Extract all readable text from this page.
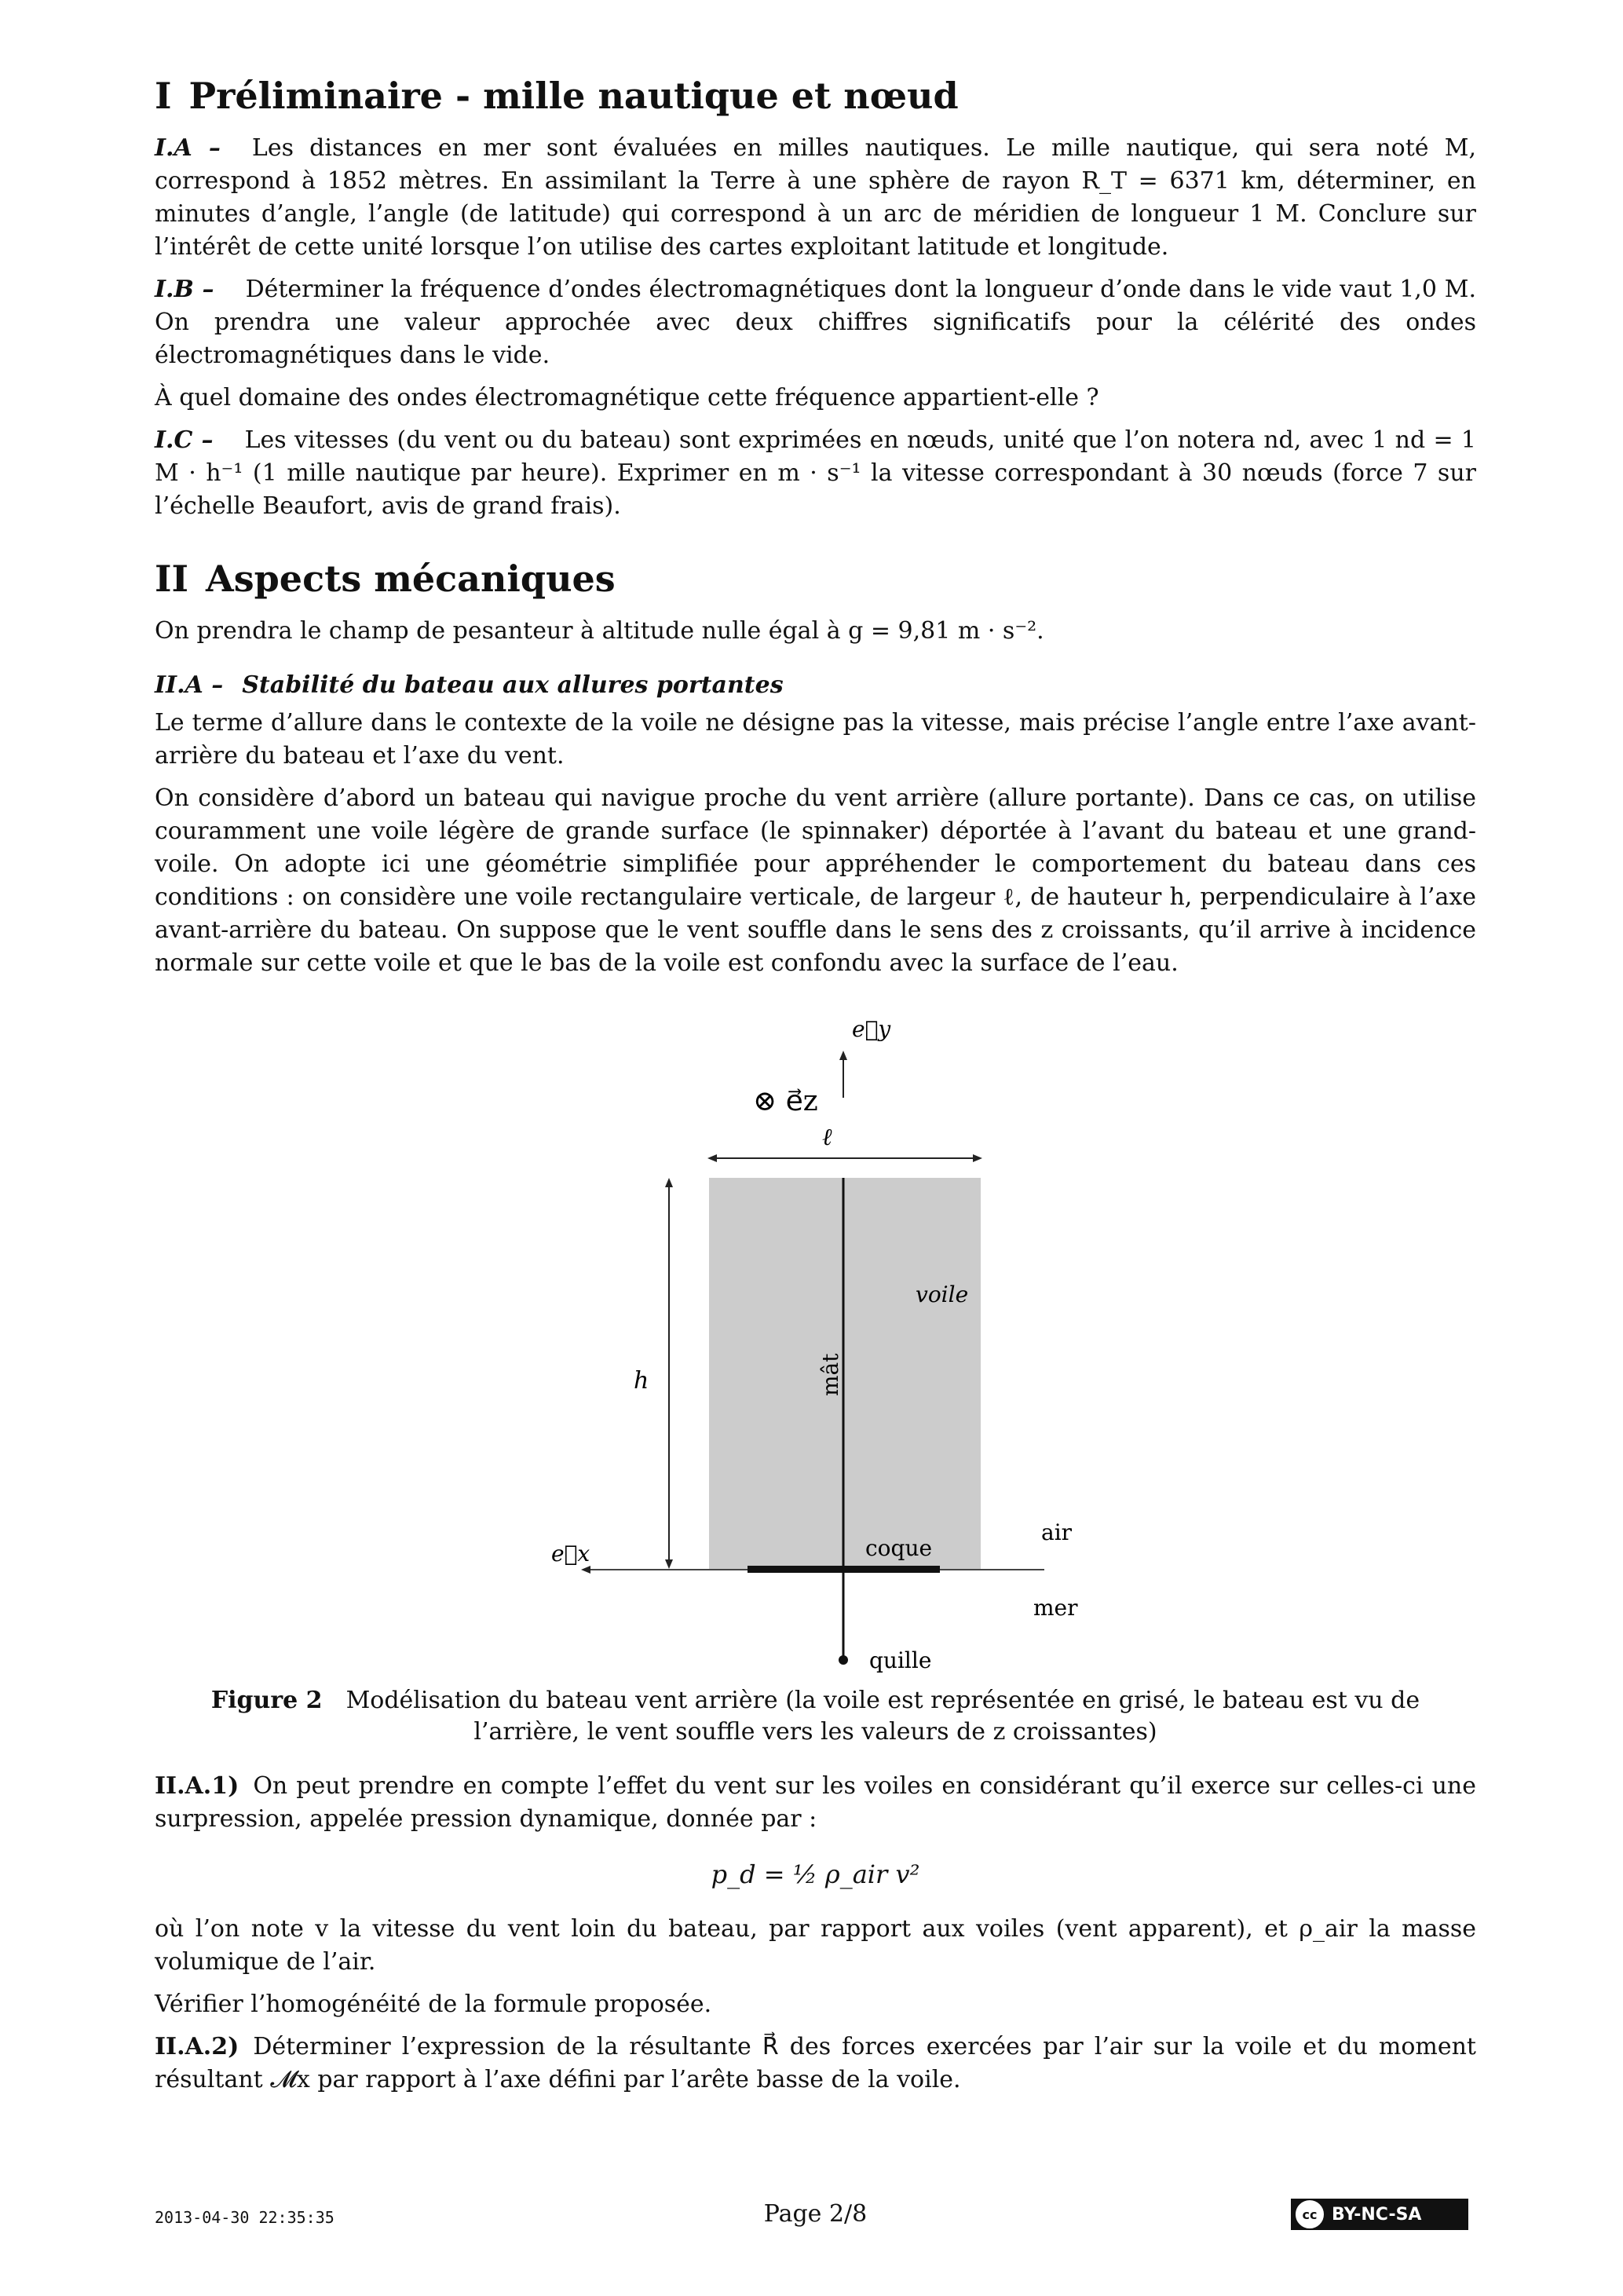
I Préliminaire - mille nautique et nœud

I.A – Les distances en mer sont évaluées en milles nautiques. Le mille nautique, qui sera noté M, correspond à 1852 mètres. En assimilant la Terre à une sphère de rayon R_T = 6371 km, déterminer, en minutes d’angle, l’angle (de latitude) qui correspond à un arc de méridien de longueur 1 M. Conclure sur l’intérêt de cette unité lorsque l’on utilise des cartes exploitant latitude et longitude.

I.B – Déterminer la fréquence d’ondes électromagnétiques dont la longueur d’onde dans le vide vaut 1,0 M. On prendra une valeur approchée avec deux chiffres significatifs pour la célérité des ondes électromagnétiques dans le vide.

À quel domaine des ondes électromagnétique cette fréquence appartient-elle ?

I.C – Les vitesses (du vent ou du bateau) sont exprimées en nœuds, unité que l’on notera nd, avec 1 nd = 1 M · h⁻¹ (1 mille nautique par heure). Exprimer en m · s⁻¹ la vitesse correspondant à 30 nœuds (force 7 sur l’échelle Beaufort, avis de grand frais).

II Aspects mécaniques

On prendra le champ de pesanteur à altitude nulle égal à g = 9,81 m · s⁻².

II.A – Stabilité du bateau aux allures portantes

Le terme d’allure dans le contexte de la voile ne désigne pas la vitesse, mais précise l’angle entre l’axe avant-arrière du bateau et l’axe du vent.

On considère d’abord un bateau qui navigue proche du vent arrière (allure portante). Dans ce cas, on utilise couramment une voile légère de grande surface (le spinnaker) déportée à l’avant du bateau et une grand-voile. On adopte ici une géométrie simplifiée pour appréhender le comportement du bateau dans ces conditions : on considère une voile rectangulaire verticale, de largeur ℓ, de hauteur h, perpendiculaire à l’axe avant-arrière du bateau. On suppose que le vent souffle dans le sens des z croissants, qu’il arrive à incidence normale sur cette voile et que le bas de la voile est confondu avec la surface de l’eau.

e⃗y
⊗ e⃗z
ℓ
h	mât
voile
e⃗x	coque
air
mer
quille
Figure 2 Modélisation du bateau vent arrière (la voile est représentée en grisé, le bateau est vu de l’arrière, le vent souffle vers les valeurs de z croissantes)

II.A.1) On peut prendre en compte l’effet du vent sur les voiles en considérant qu’il exerce sur celles-ci une surpression, appelée pression dynamique, donnée par :

p_d = ½ ρ_air v²

où l’on note v la vitesse du vent loin du bateau, par rapport aux voiles (vent apparent), et ρ_air la masse volumique de l’air.

Vérifier l’homogénéité de la formule proposée.

II.A.2) Déterminer l’expression de la résultante R⃗ des forces exercées par l’air sur la voile et du moment résultant 𝓜x par rapport à l’axe défini par l’arête basse de la voile.

2013-04-30 22:35:35	Page 2/8	cc BY-NC-SA
